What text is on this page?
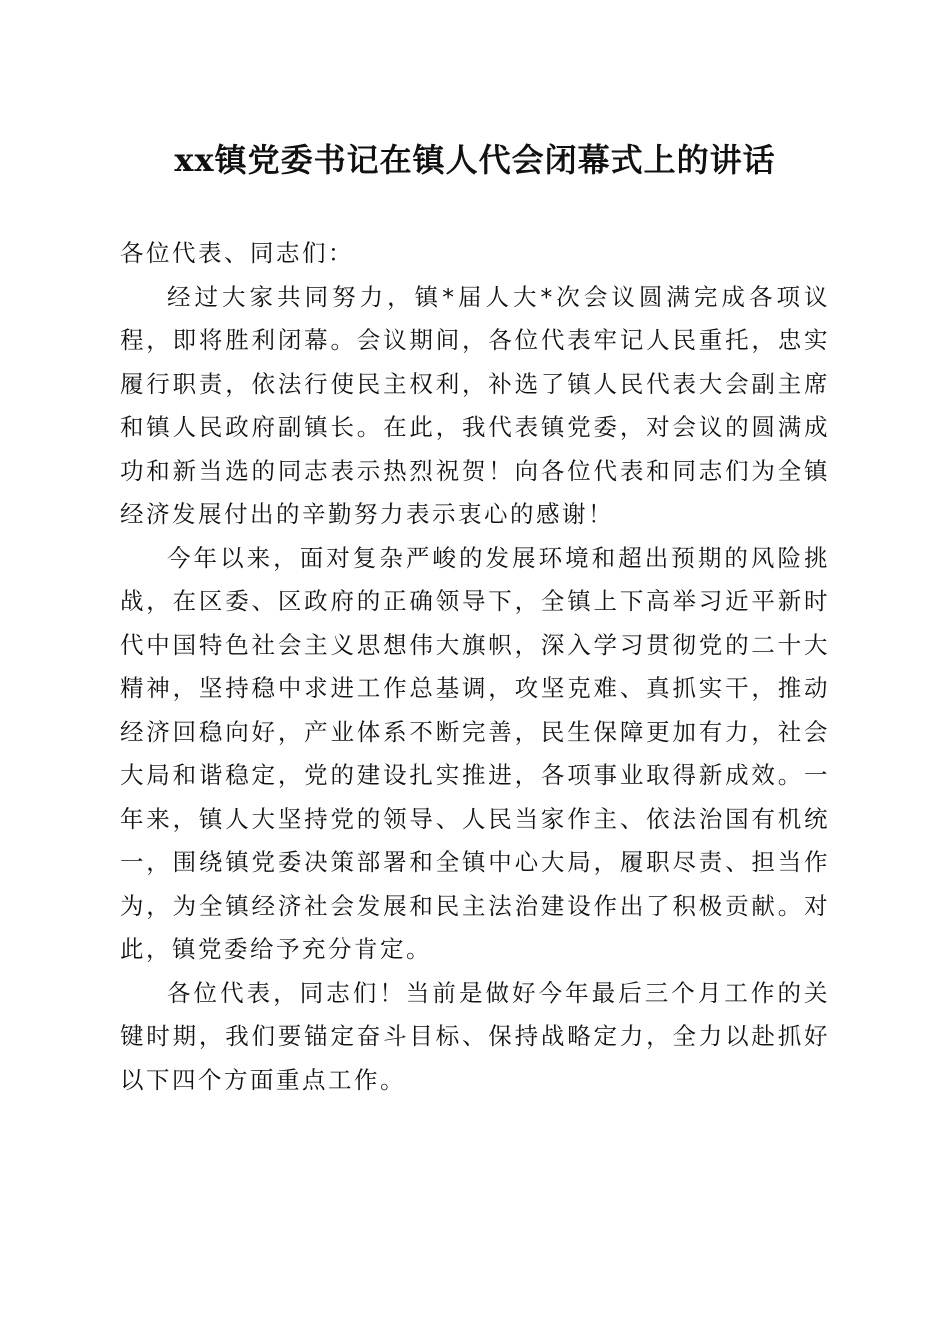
xx镇党委书记在镇人代会闭幕式上的讲话

各位代表、同志们：

经过大家共同努力，镇*届人大*次会议圆满完成各项议程，即将胜利闭幕。会议期间，各位代表牢记人民重托，忠实履行职责，依法行使民主权利，补选了镇人民代表大会副主席和镇人民政府副镇长。在此，我代表镇党委，对会议的圆满成功和新当选的同志表示热烈祝贺！向各位代表和同志们为全镇经济发展付出的辛勤努力表示衷心的感谢！

今年以来，面对复杂严峻的发展环境和超出预期的风险挑战，在区委、区政府的正确领导下，全镇上下高举习近平新时代中国特色社会主义思想伟大旗帜，深入学习贯彻党的二十大精神，坚持稳中求进工作总基调，攻坚克难、真抓实干，推动经济回稳向好，产业体系不断完善，民生保障更加有力，社会大局和谐稳定，党的建设扎实推进，各项事业取得新成效。一年来，镇人大坚持党的领导、人民当家作主、依法治国有机统一，围绕镇党委决策部署和全镇中心大局，履职尽责、担当作为，为全镇经济社会发展和民主法治建设作出了积极贡献。对此，镇党委给予充分肯定。

各位代表，同志们！当前是做好今年最后三个月工作的关键时期，我们要锚定奋斗目标、保持战略定力，全力以赴抓好以下四个方面重点工作。
